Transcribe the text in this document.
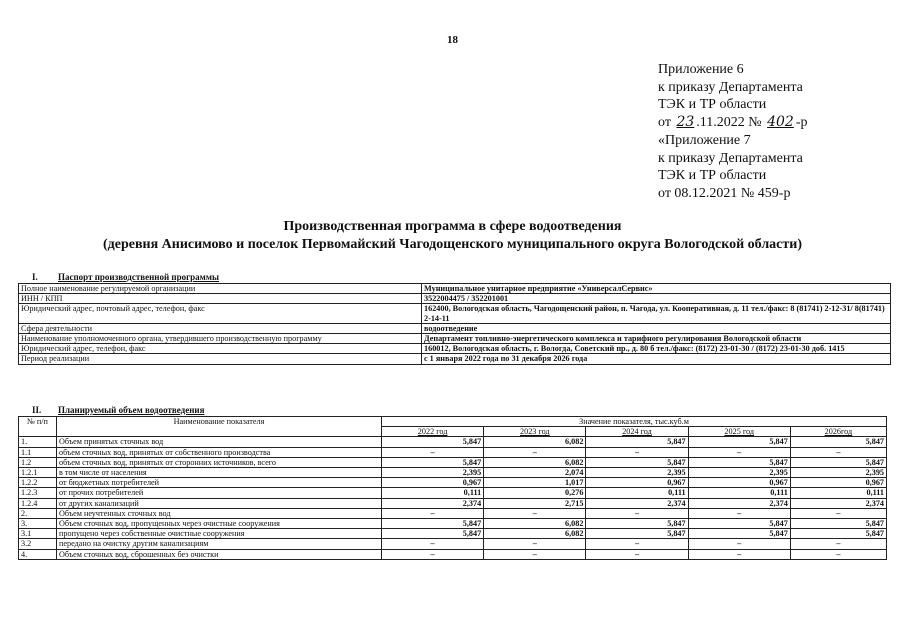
18
Приложение 6
к приказу Департамента
ТЭК и ТР области
от 23 .11.2022 № 402 -р
«Приложение 7
к приказу Департамента
ТЭК и ТР области
от 08.12.2021 № 459-р
Производственная программа в сфере водоотведения
(деревня Анисимово и поселок Первомайский Чагодощенского муниципального округа Вологодской области)
I. Паспорт производственной программы
Полное наименование регулируемой организации	Муниципальное унитарное предприятие «УниверсалСервис»
ИНН / КПП	3522004475 / 352201001
Юридический адрес, почтовый адрес, телефон, факс	162400, Вологодская область, Чагодощенский район, п. Чагода, ул. Кооперативная, д. 11 тел./факс: 8 (81741) 2-12-31/ 8(81741) 2-14-11
Сфера деятельности	водоотведение
Наименование уполномоченного органа, утвердившего производственную программу	Департамент топливно-энергетического комплекса и тарифного регулирования Вологодской области
Юридический адрес, телефон, факс	160012, Вологодская область, г. Вологда, Советский пр., д. 80 б тел./факс: (8172) 23-01-30 / (8172) 23-01-30 доб. 1415
Период реализации	с 1 января 2022 года по 31 декабря 2026 года
II. Планируемый объем водоотведения
№ п/п	Наименование показателя	Значение показателя, тыс.куб.м				
		2022 год	2023 год	2024 год	2025 год	2026год
1.	Объем принятых сточных вод	5,847	6,082	5,847	5,847	5,847
1.1	объем сточных вод, принятых от собственного производства	–	–	–	–	–
1.2	объем сточных вод, принятых от сторонних источников, всего	5,847	6,082	5,847	5,847	5,847
1.2.1	в том числе от населения	2,395	2,074	2,395	2,395	2,395
1.2.2	от бюджетных потребителей	0,967	1,017	0,967	0,967	0,967
1.2.3	от прочих потребителей	0,111	0,276	0,111	0,111	0,111
1.2.4	от других канализаций	2,374	2,715	2,374	2,374	2,374
2.	Объем неучтенных сточных вод	–	–	–	–	–
3.	Объем сточных вод, пропущенных через очистные сооружения	5,847	6,082	5,847	5,847	5,847
3.1	пропущено через собственные очистные сооружения	5,847	6,082	5,847	5,847	5,847
3.2	передано на очистку другим канализациям	–	–	–	–	–
4.	Объем сточных вод, сброшенных без очистки	–	–	–	–	–
